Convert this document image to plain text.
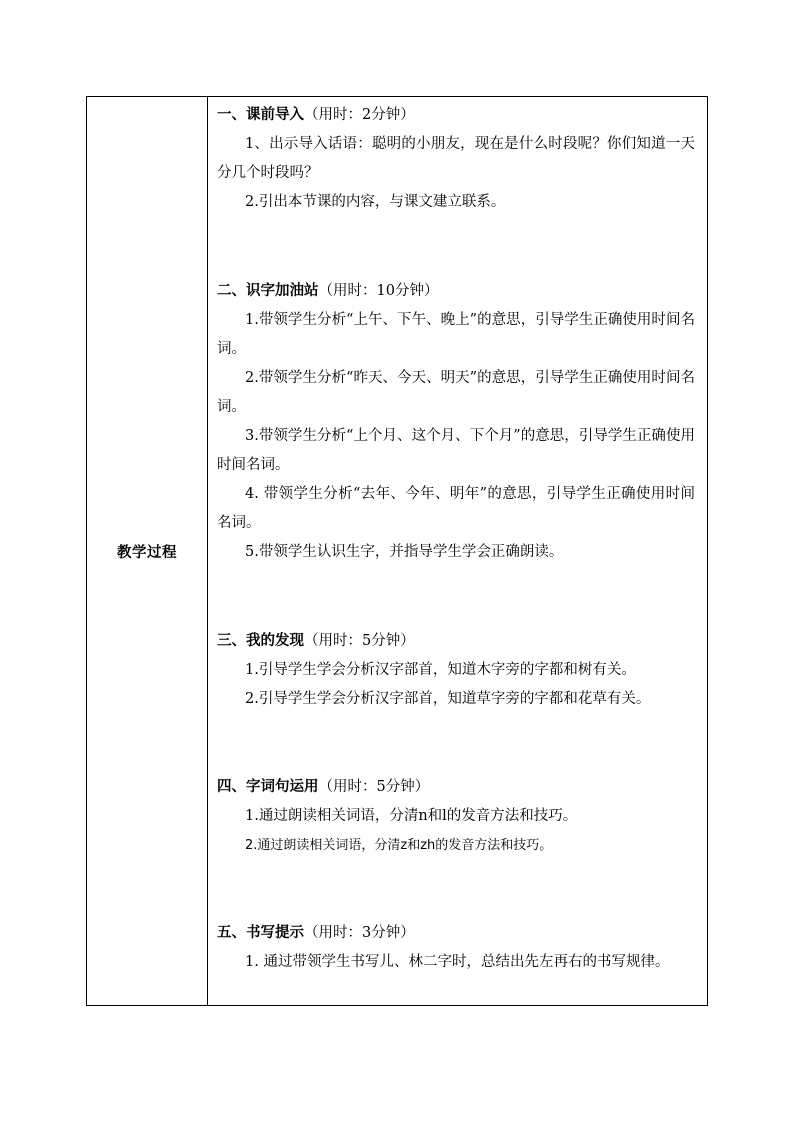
教学过程
一、课前导入（用时：2分钟）

1、出示导入话语：聪明的小朋友，现在是什么时段呢？你们知道一天分几个时段吗？

2.引出本节课的内容，与课文建立联系。

二、识字加油站（用时：10分钟）

1.带领学生分析“上午、下午、晚上”的意思，引导学生正确使用时间名词。

2.带领学生分析“昨天、今天、明天”的意思，引导学生正确使用时间名词。

3.带领学生分析“上个月、这个月、下个月”的意思，引导学生正确使用时间名词。

4. 带领学生分析“去年、今年、明年”的意思，引导学生正确使用时间名词。

5.带领学生认识生字，并指导学生学会正确朗读。

三、我的发现（用时：5分钟）

1.引导学生学会分析汉字部首，知道木字旁的字都和树有关。

2.引导学生学会分析汉字部首，知道草字旁的字都和花草有关。

四、字词句运用（用时：5分钟）

1.通过朗读相关词语，分清n和l的发音方法和技巧。

2.通过朗读相关词语，分清z和zh的发音方法和技巧。

五、书写提示（用时：3分钟）

1. 通过带领学生书写儿、林二字时，总结出先左再右的书写规律。
